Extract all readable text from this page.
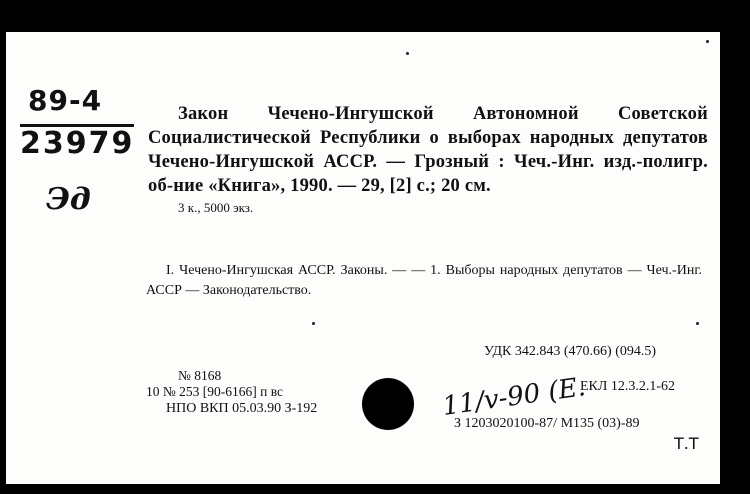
89-4
23979
Эд
Закон Чечено-Ингушской Автономной Советской Социалистической Республики о выборах народных депутатов Чечено-Ингушской АССР. — Грозный : Чеч.-Инг. изд.-полигр. об-ние «Книга», 1990. — 29, [2] с.; 20 см.
3 к., 5000 экз.
I. Чечено-Ингушская АССР. Законы. — — 1. Выборы народных депутатов — Чеч.-Инг. АССР — Законодательство.
УДК 342.843 (470.66) (094.5)
№ 8168
10 № 253 [90-6166] п вс
НПО ВКП 05.03.90 З-192
ЕКЛ 12.3.2.1-62
З 1203020100-87/ М135 (03)-89
11/v-90 (Е.
Т.Т
